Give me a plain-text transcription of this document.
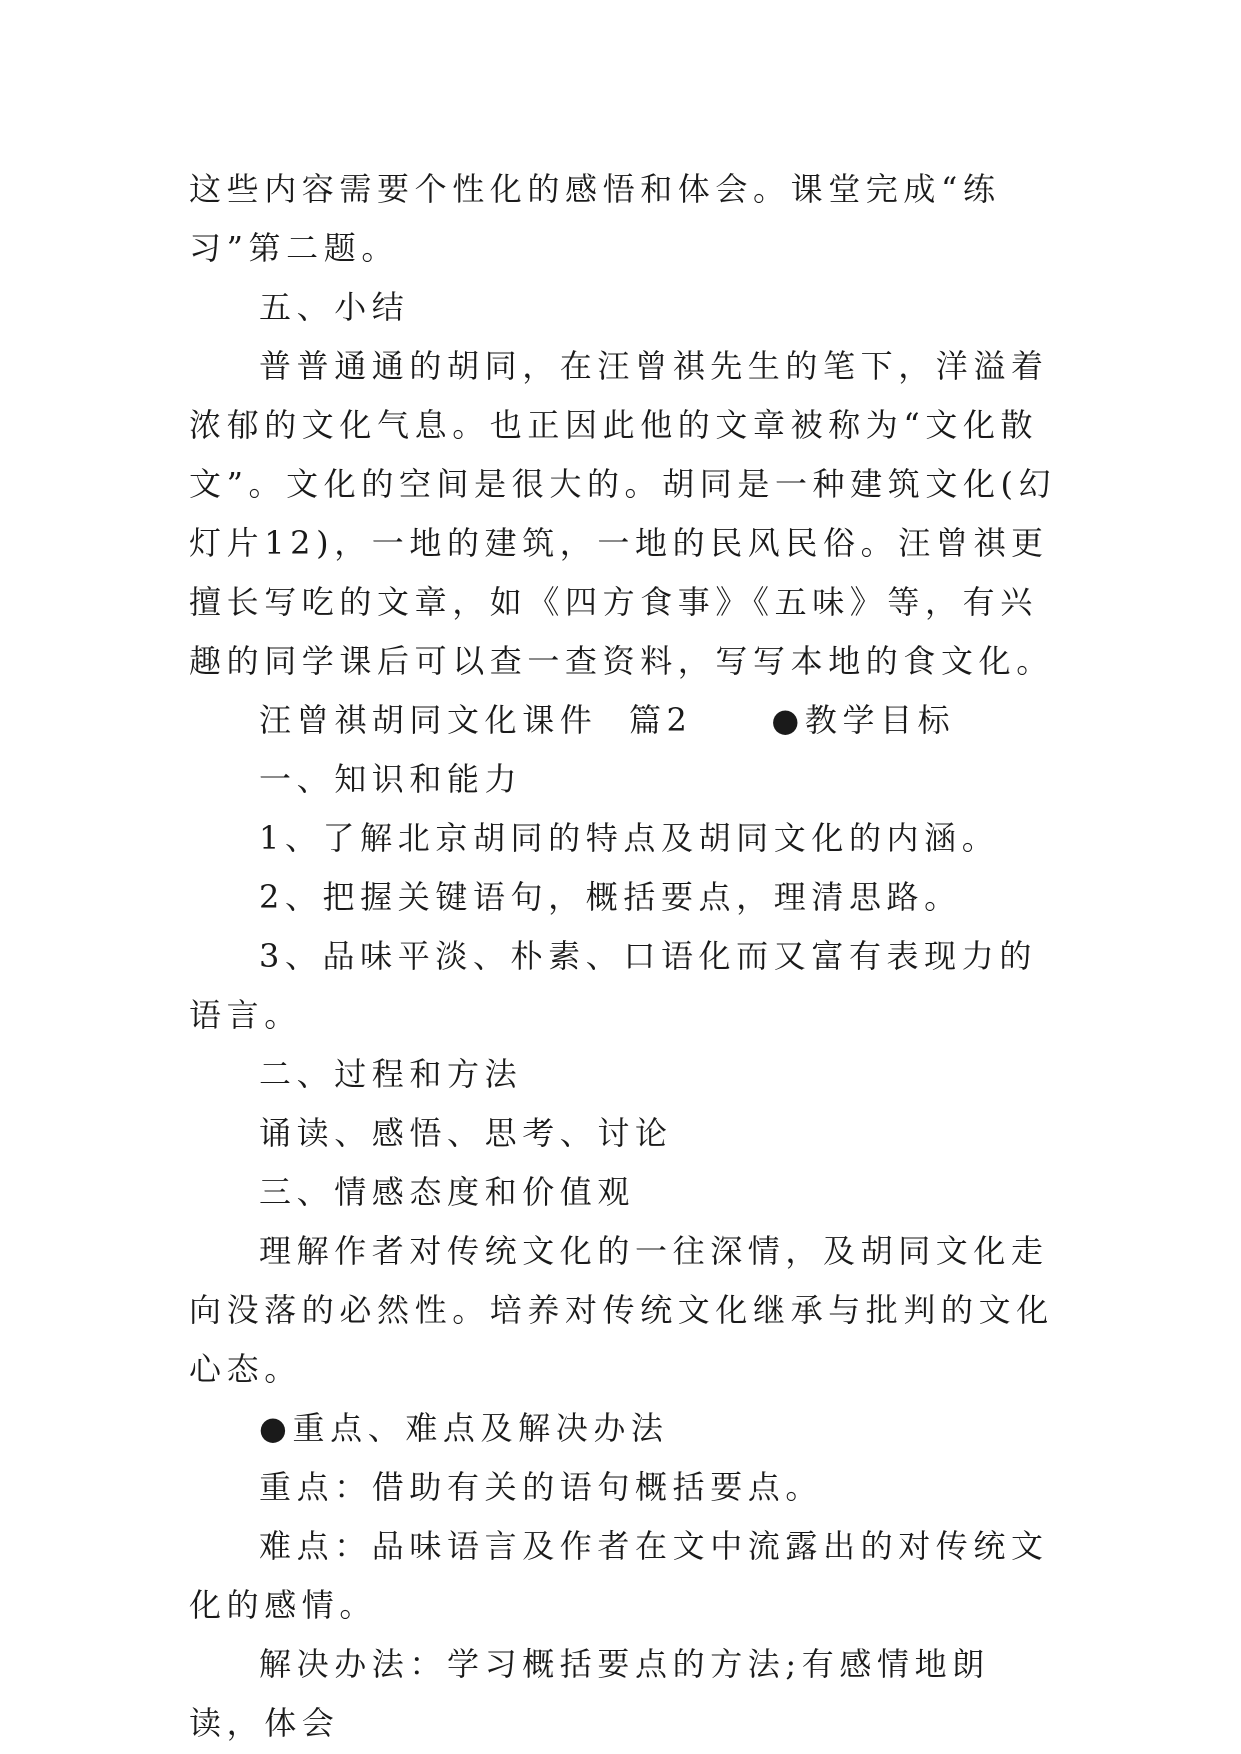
这些内容需要个性化的感悟和体会。课堂完成“练习”第二题。

五、小结

普普通通的胡同，在汪曾祺先生的笔下，洋溢着浓郁的文化气息。也正因此他的文章被称为“文化散文”。文化的空间是很大的。胡同是一种建筑文化(幻灯片12)，一地的建筑，一地的民风民俗。汪曾祺更擅长写吃的文章，如《四方食事》《五味》等，有兴趣的同学课后可以查一查资料，写写本地的食文化。

汪曾祺胡同文化课件  篇2     ●教学目标

一、知识和能力

1、了解北京胡同的特点及胡同文化的内涵。

2、把握关键语句，概括要点，理清思路。

3、品味平淡、朴素、口语化而又富有表现力的语言。

二、过程和方法

诵读、感悟、思考、讨论

三、情感态度和价值观

理解作者对传统文化的一往深情，及胡同文化走向没落的必然性。培养对传统文化继承与批判的文化心态。

●重点、难点及解决办法

重点：借助有关的语句概括要点。

难点：品味语言及作者在文中流露出的对传统文化的感情。

解决办法：学习概括要点的方法;有感情地朗读，体会
